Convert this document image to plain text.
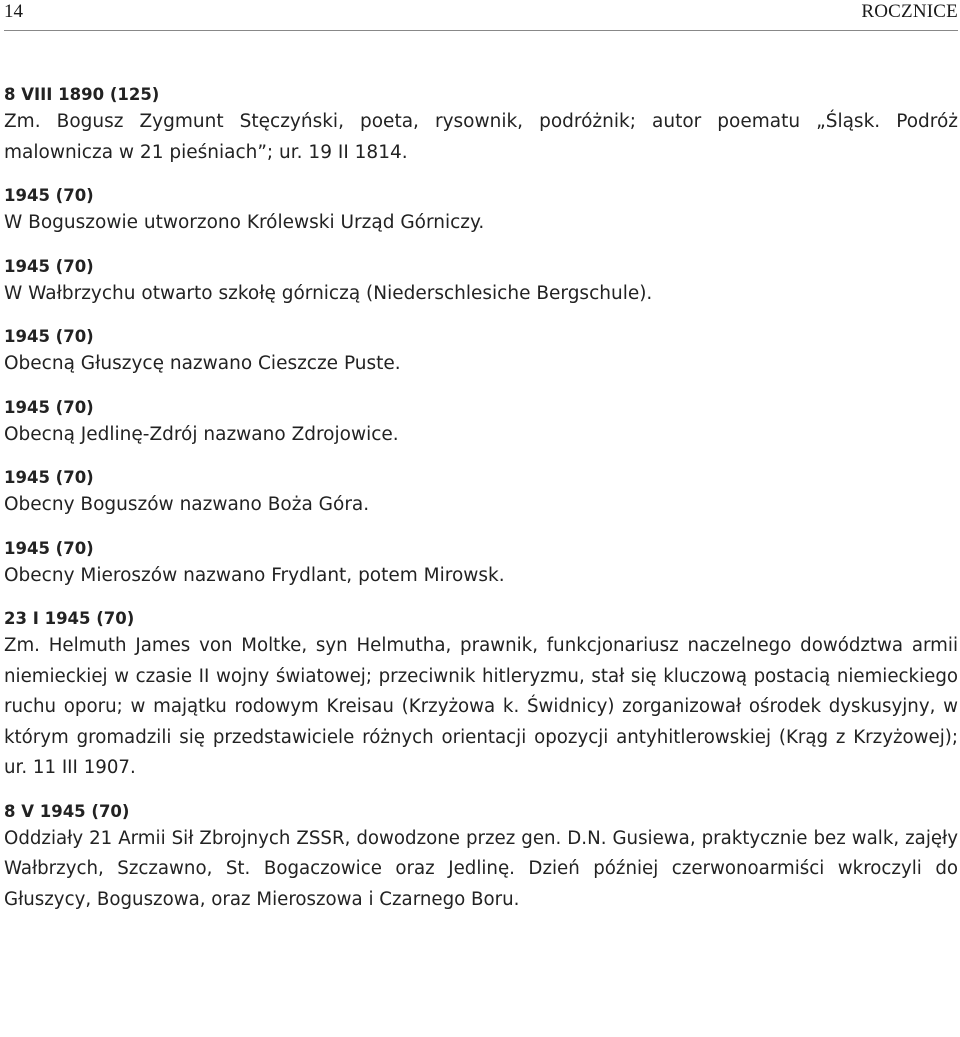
14	ROCZNICE
8 VIII 1890 (125)
Zm. Bogusz Zygmunt Stęczyński, poeta, rysownik, podróżnik; autor poematu „Śląsk. Podróż malownicza w 21 pieśniach”; ur. 19 II 1814.
1945 (70)
W Boguszowie utworzono Królewski Urząd Górniczy.
1945 (70)
W Wałbrzychu otwarto szkołę górniczą (Niederschlesiche Bergschule).
1945 (70)
Obecną Głuszycę nazwano Cieszcze Puste.
1945 (70)
Obecną Jedlinę-Zdrój nazwano Zdrojowice.
1945 (70)
Obecny Boguszów nazwano Boża Góra.
1945 (70)
Obecny Mieroszów nazwano Frydlant, potem Mirowsk.
23 I 1945 (70)
Zm. Helmuth James von Moltke, syn Helmutha, prawnik, funkcjonariusz naczelnego dowództwa armii niemieckiej w czasie II wojny światowej; przeciwnik hitleryzmu, stał się kluczową postacią niemieckiego ruchu oporu; w majątku rodowym Kreisau (Krzyżowa k. Świdnicy) zorganizował ośrodek dyskusyjny, w którym gromadzili się przedstawiciele różnych orientacji opozycji antyhitlerowskiej (Krąg z Krzyżowej); ur. 11 III 1907.
8 V 1945 (70)
Oddziały 21 Armii Sił Zbrojnych ZSSR, dowodzone przez gen. D.N. Gusiewa, praktycznie bez walk, zajęły Wałbrzych, Szczawno, St. Bogaczowice oraz Jedlinę. Dzień później czerwonoarmiści wkroczyli do Głuszycy, Boguszowa, oraz Mieroszowa i Czarnego Boru.
